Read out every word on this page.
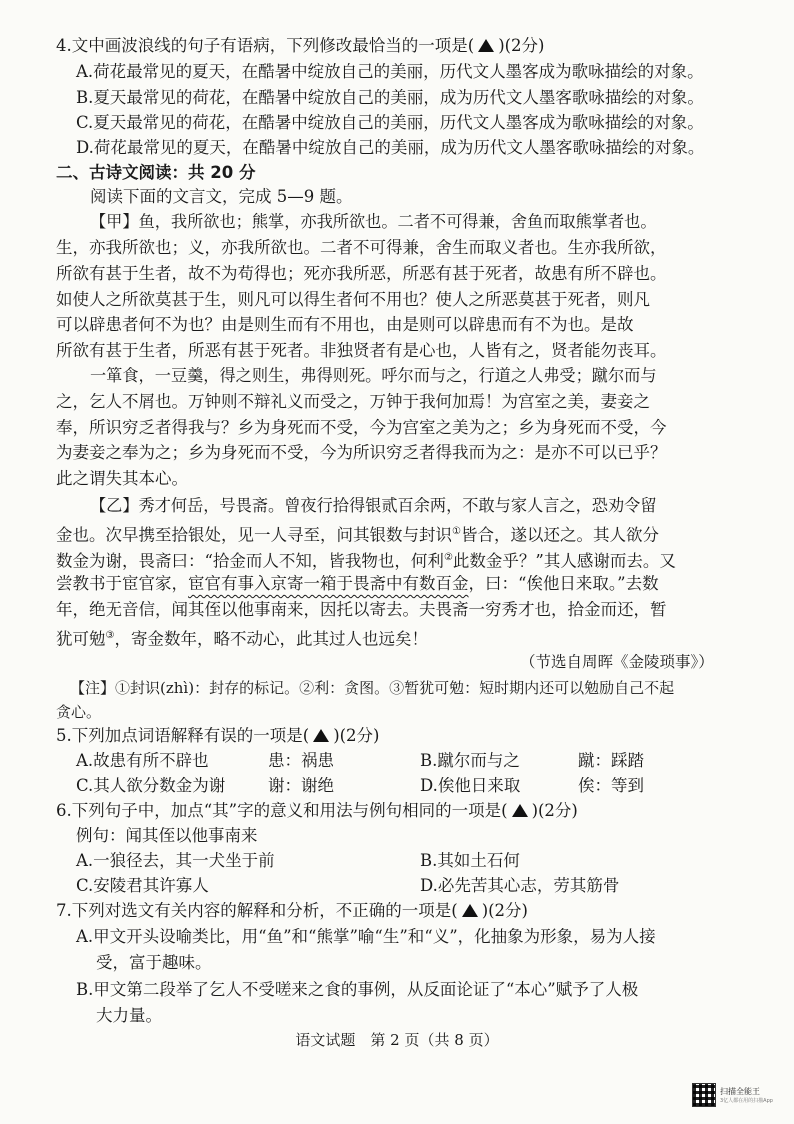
4.文中画波浪线的句子有语病，下列修改最恰当的一项是( )(2分)
A.荷花最常见的夏天，在酷暑中绽放自己的美丽，历代文人墨客成为歌咏描绘的对象。
B.夏天最常见的荷花，在酷暑中绽放自己的美丽，成为历代文人墨客歌咏描绘的对象。
C.夏天最常见的荷花，在酷暑中绽放自己的美丽，历代文人墨客成为歌咏描绘的对象。
D.荷花最常见的夏天，在酷暑中绽放自己的美丽，成为历代文人墨客歌咏描绘的对象。
二、古诗文阅读：共 20 分
阅读下面的文言文，完成 5—9 题。
【甲】鱼，我所欲也；熊掌，亦我所欲也。二者不可得兼，舍鱼而取熊掌者也。
生，亦我所欲也；义，亦我所欲也。二者不可得兼，舍生而取义者也。生亦我所欲，
所欲有甚于生者，故不为苟得也；死亦我所恶，所恶有甚于死者，故患有所不辟也。
如使人之所欲莫甚于生，则凡可以得生者何不用也？使人之所恶莫甚于死者，则凡
可以辟患者何不为也？由是则生而有不用也，由是则可以辟患而有不为也。是故
所欲有甚于生者，所恶有甚于死者。非独贤者有是心也，人皆有之，贤者能勿丧耳。
一箪食，一豆羹，得之则生，弗得则死。呼尔而与之，行道之人弗受；蹴尔而与
之，乞人不屑也。万钟则不辩礼义而受之，万钟于我何加焉！为宫室之美，妻妾之
奉，所识穷乏者得我与？乡为身死而不受，今为宫室之美为之；乡为身死而不受，今
为妻妾之奉为之；乡为身死而不受，今为所识穷乏者得我而为之：是亦不可以已乎？
此之谓失其本心。
【乙】秀才何岳，号畏斋。曾夜行拾得银贰百余两，不敢与家人言之，恐劝令留
金也。次早携至拾银处，见一人寻至，问其银数与封识①皆合，遂以还之。其人欲分
数金为谢，畏斋曰：“拾金而人不知，皆我物也，何利②此数金乎？”其人感谢而去。又
尝教书于宦官家，宦官有事入京寄一箱于畏斋中有数百金，曰：“俟他日来取。”去数
年，绝无音信，闻其侄以他事南来，因托以寄去。夫畏斋一穷秀才也，拾金而还，暂
犹可勉③，寄金数年，略不动心，此其过人也远矣！
（节选自周晖《金陵琐事》）
【注】①封识(zhì)：封存的标记。②利：贪图。③暂犹可勉：短时期内还可以勉励自己不起
贪心。
5.下列加点词语解释有误的一项是( )(2分)
A.故患有所不辟也	患：祸患	B.蹴尔而与之	蹴：踩踏
C.其人欲分数金为谢	谢：谢绝	D.俟他日来取	俟：等到
6.下列句子中，加点“其”字的意义和用法与例句相同的一项是( )(2分)
例句：闻其侄以他事南来
A.一狼径去，其一犬坐于前	B.其如土石何
C.安陵君其许寡人	D.必先苦其心志，劳其筋骨
7.下列对选文有关内容的解释和分析，不正确的一项是( )(2分)
A.甲文开头设喻类比，用“鱼”和“熊掌”喻“生”和“义”，化抽象为形象，易为人接
受，富于趣味。
B.甲文第二段举了乞人不受嗟来之食的事例，从反面论证了“本心”赋予了人极
大力量。
语文试题　第 2 页（共 8 页）
扫描全能王
3亿人都在用的扫描App
